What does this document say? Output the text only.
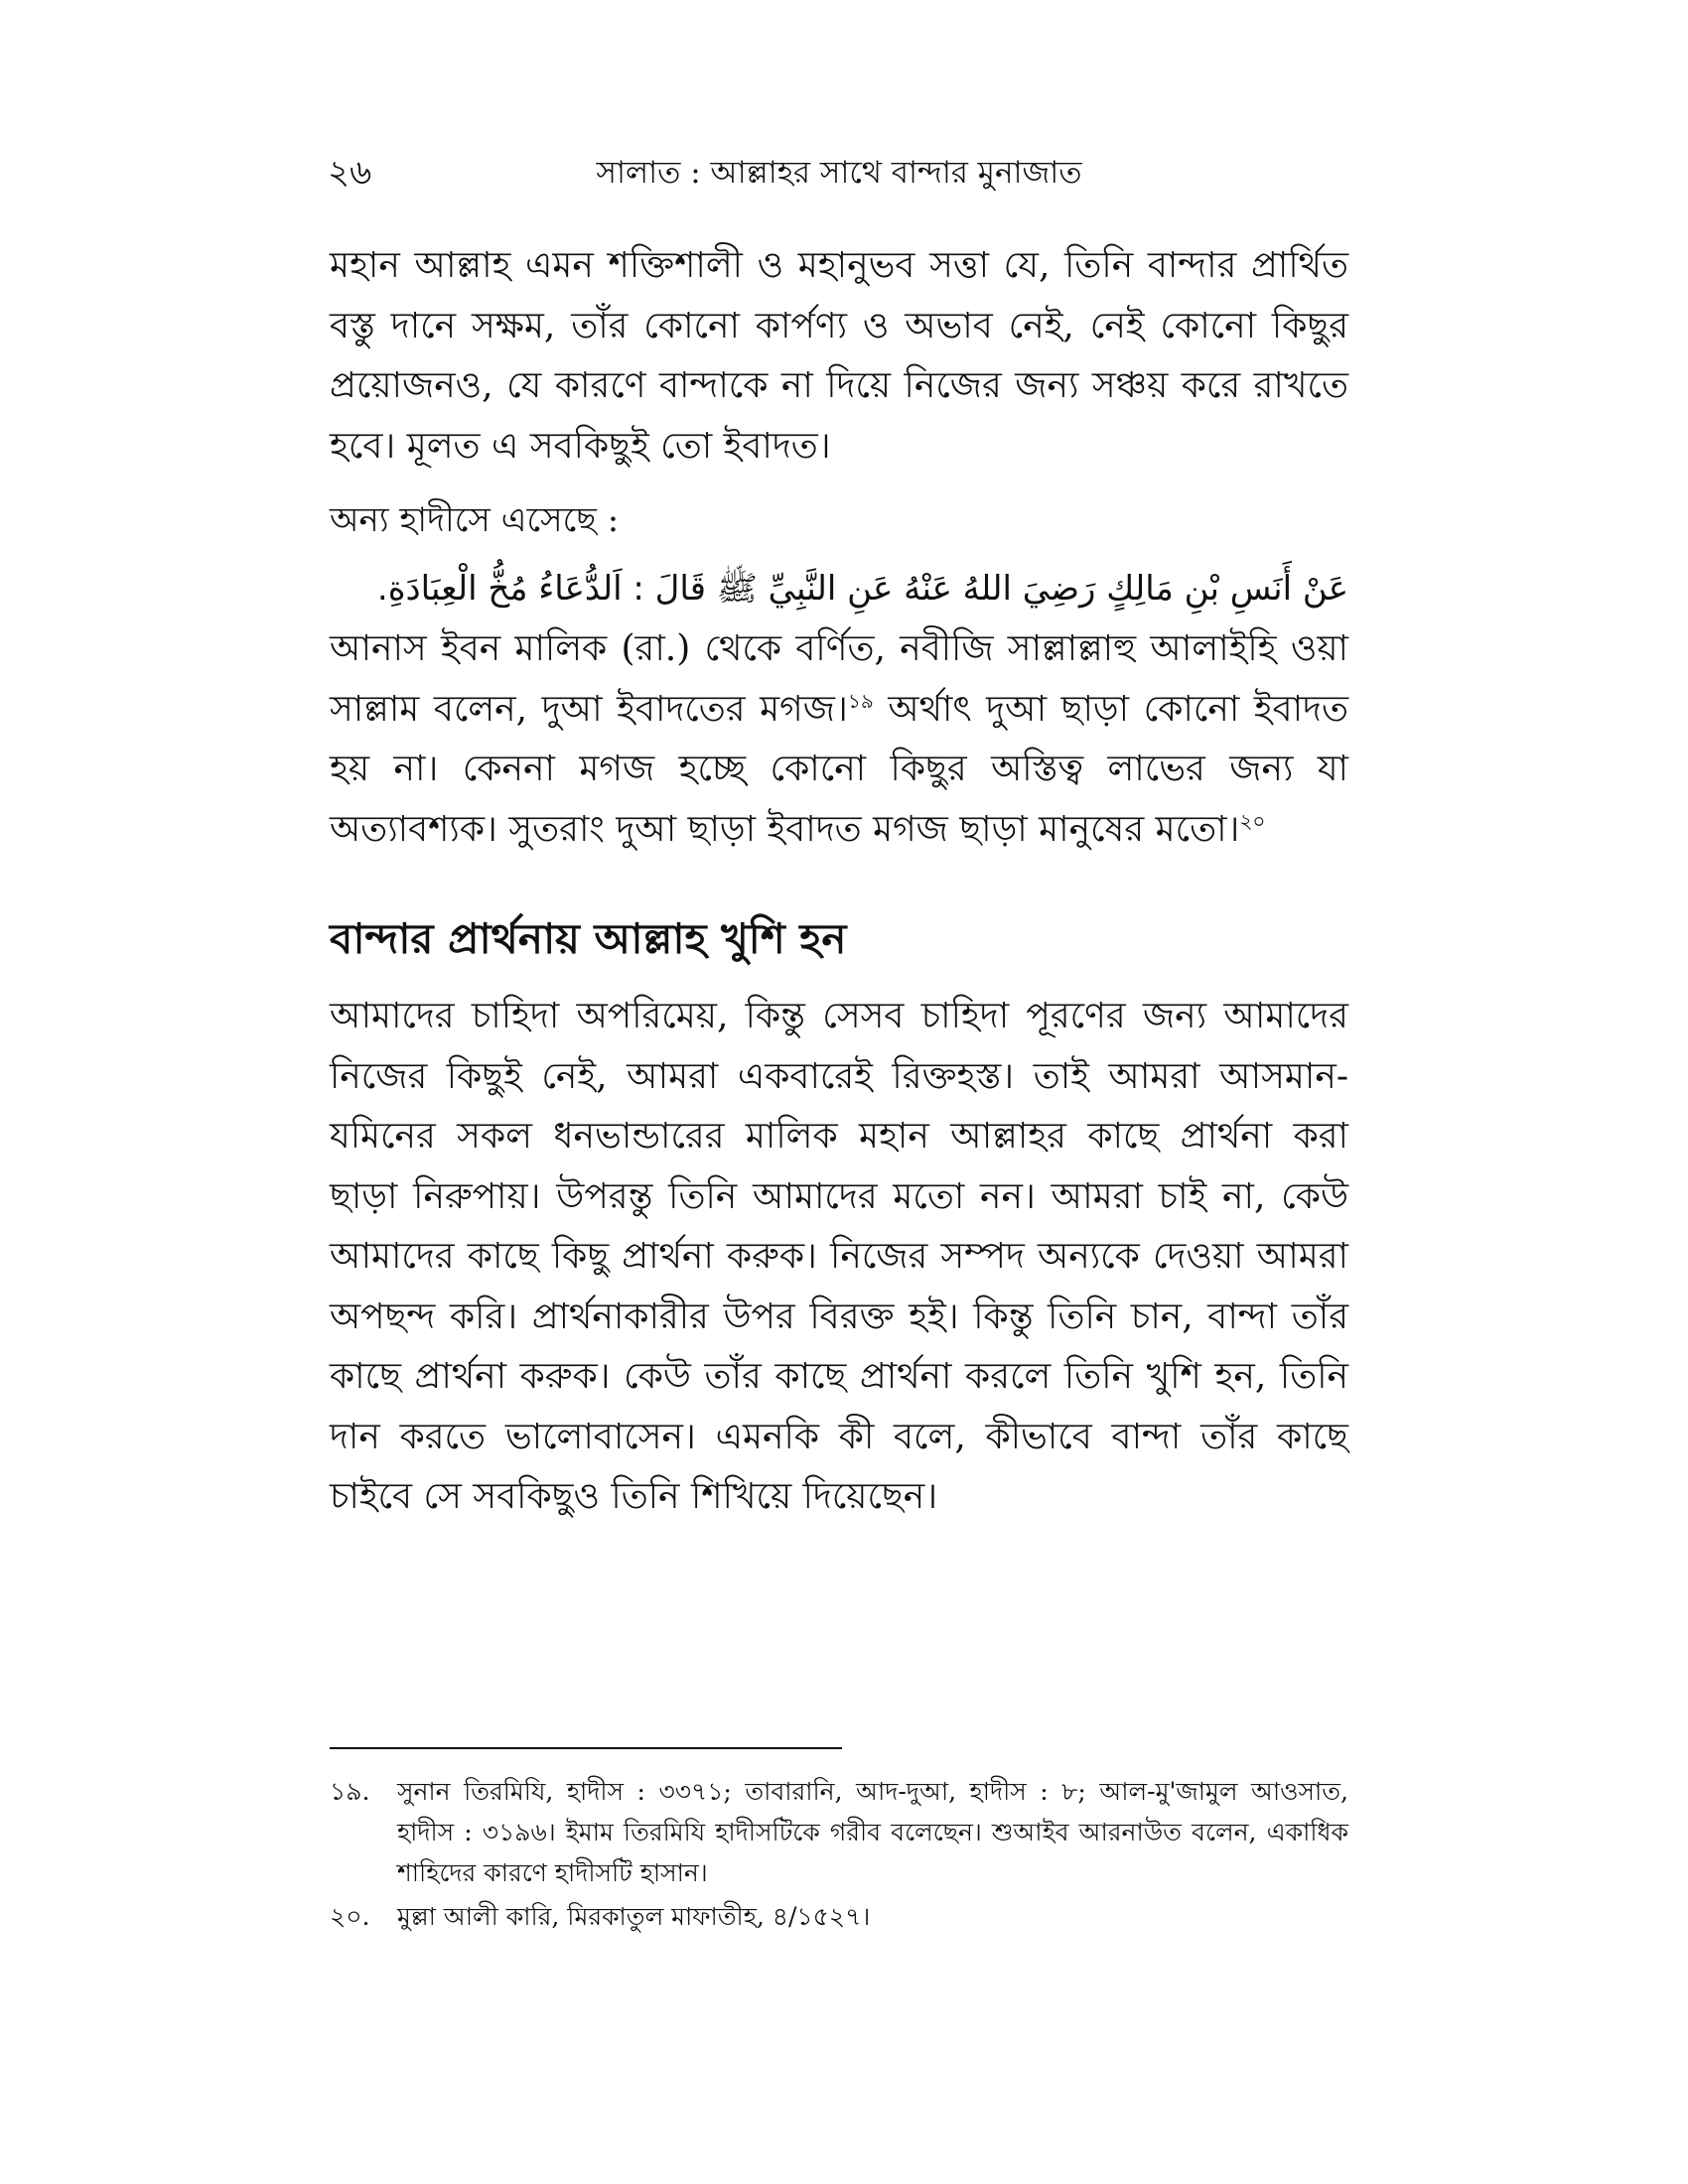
২৬	সালাত : আল্লাহর সাথে বান্দার মুনাজাত

মহান আল্লাহ এমন শক্তিশালী ও মহানুভব সত্তা যে, তিনি বান্দার প্রার্থিত বস্তু দানে সক্ষম, তাঁর কোনো কার্পণ্য ও অভাব নেই, নেই কোনো কিছুর প্রয়োজনও, যে কারণে বান্দাকে না দিয়ে নিজের জন্য সঞ্চয় করে রাখতে হবে। মূলত এ সবকিছুই তো ইবাদত।

অন্য হাদীসে এসেছে :

عَنْ أَنَسِ بْنِ مَالِكٍ رَضِيَ اللهُ عَنْهُ عَنِ النَّبِيِّ ﷺ قَالَ : اَلدُّعَاءُ مُخُّ الْعِبَادَةِ.

আনাস ইবন মালিক (রা.) থেকে বর্ণিত, নবীজি সাল্লাল্লাহু আলাইহি ওয়া সাল্লাম বলেন, দুআ ইবাদতের মগজ।$^{১৯}$ অর্থাৎ দুআ ছাড়া কোনো ইবাদত হয় না। কেননা মগজ হচ্ছে কোনো কিছুর অস্তিত্ব লাভের জন্য যা অত্যাবশ্যক। সুতরাং দুআ ছাড়া ইবাদত মগজ ছাড়া মানুষের মতো।$^{২০}$

বান্দার প্রার্থনায় আল্লাহ খুশি হন

আমাদের চাহিদা অপরিমেয়, কিন্তু সেসব চাহিদা পূরণের জন্য আমাদের নিজের কিছুই নেই, আমরা একবারেই রিক্তহস্ত। তাই আমরা আসমান-যমিনের সকল ধনভান্ডারের মালিক মহান আল্লাহর কাছে প্রার্থনা করা ছাড়া নিরুপায়। উপরন্তু তিনি আমাদের মতো নন। আমরা চাই না, কেউ আমাদের কাছে কিছু প্রার্থনা করুক। নিজের সম্পদ অন্যকে দেওয়া আমরা অপছন্দ করি। প্রার্থনাকারীর উপর বিরক্ত হই। কিন্তু তিনি চান, বান্দা তাঁর কাছে প্রার্থনা করুক। কেউ তাঁর কাছে প্রার্থনা করলে তিনি খুশি হন, তিনি দান করতে ভালোবাসেন। এমনকি কী বলে, কীভাবে বান্দা তাঁর কাছে চাইবে সে সবকিছুও তিনি শিখিয়ে দিয়েছেন।

১৯. সুনান তিরমিযি, হাদীস : ৩৩৭১; তাবারানি, আদ-দুআ, হাদীস : ৮; আল-মু'জামুল আওসাত, হাদীস : ৩১৯৬। ইমাম তিরমিযি হাদীসটিকে গরীব বলেছেন। শুআইব আরনাউত বলেন, একাধিক শাহিদের কারণে হাদীসটি হাসান।

২০. মুল্লা আলী কারি, মিরকাতুল মাফাতীহ, ৪/১৫২৭।
